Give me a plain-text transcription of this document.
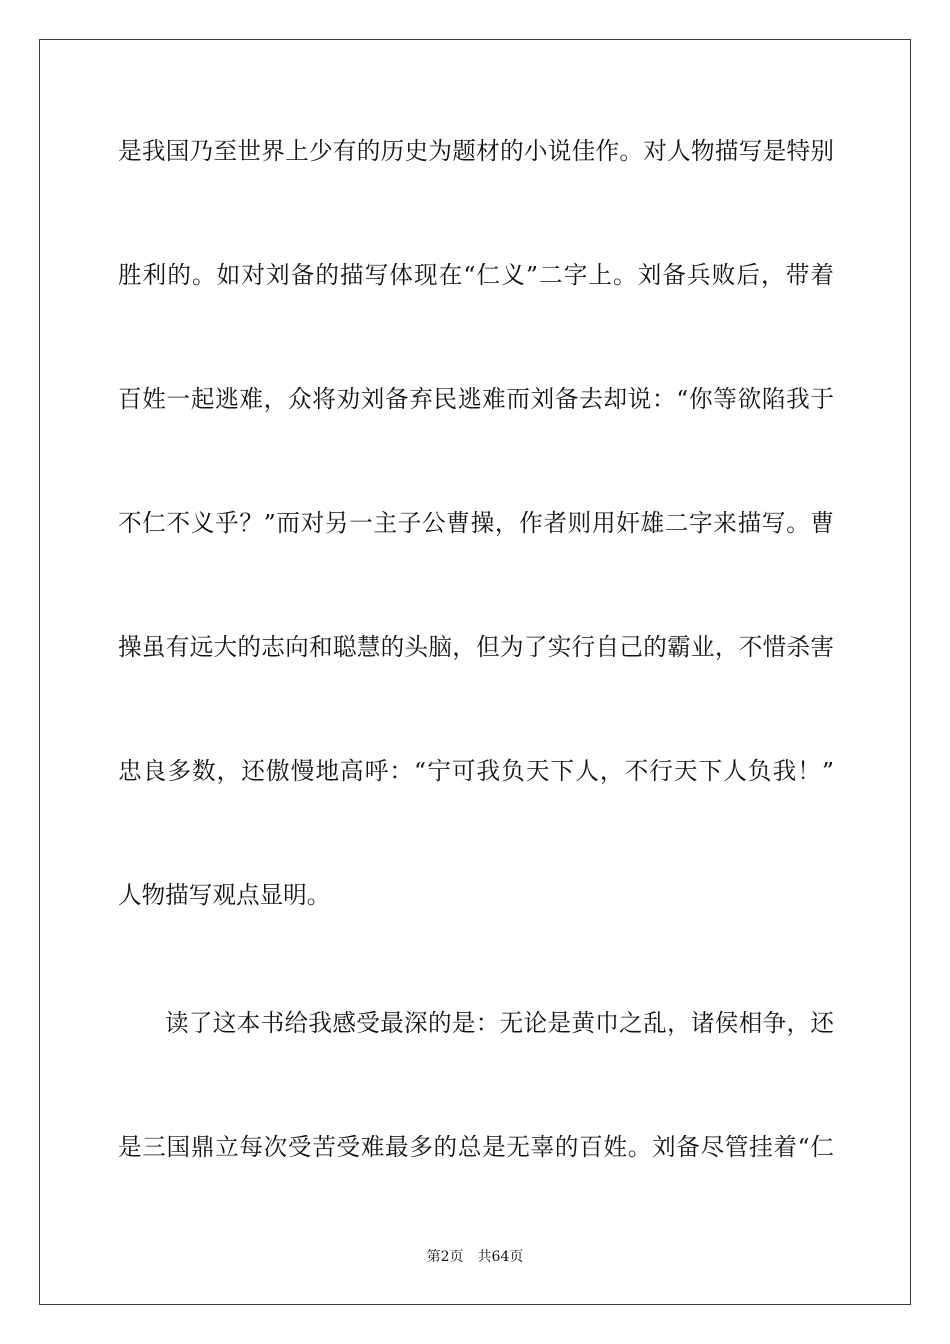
是我国乃至世界上少有的历史为题材的小说佳作。对人物描写是特别
胜利的。如对刘备的描写体现在“仁义”二字上。刘备兵败后，带着
百姓一起逃难，众将劝刘备弃民逃难而刘备去却说：“你等欲陷我于
不仁不义乎？”而对另一主子公曹操，作者则用奸雄二字来描写。曹
操虽有远大的志向和聪慧的头脑，但为了实行自己的霸业，不惜杀害
忠良多数，还傲慢地高呼：“宁可我负天下人，不行天下人负我！”
人物描写观点显明。
读了这本书给我感受最深的是：无论是黄巾之乱，诸侯相争，还
是三国鼎立每次受苦受难最多的总是无辜的百姓。刘备尽管挂着“仁
第2页 共64页
